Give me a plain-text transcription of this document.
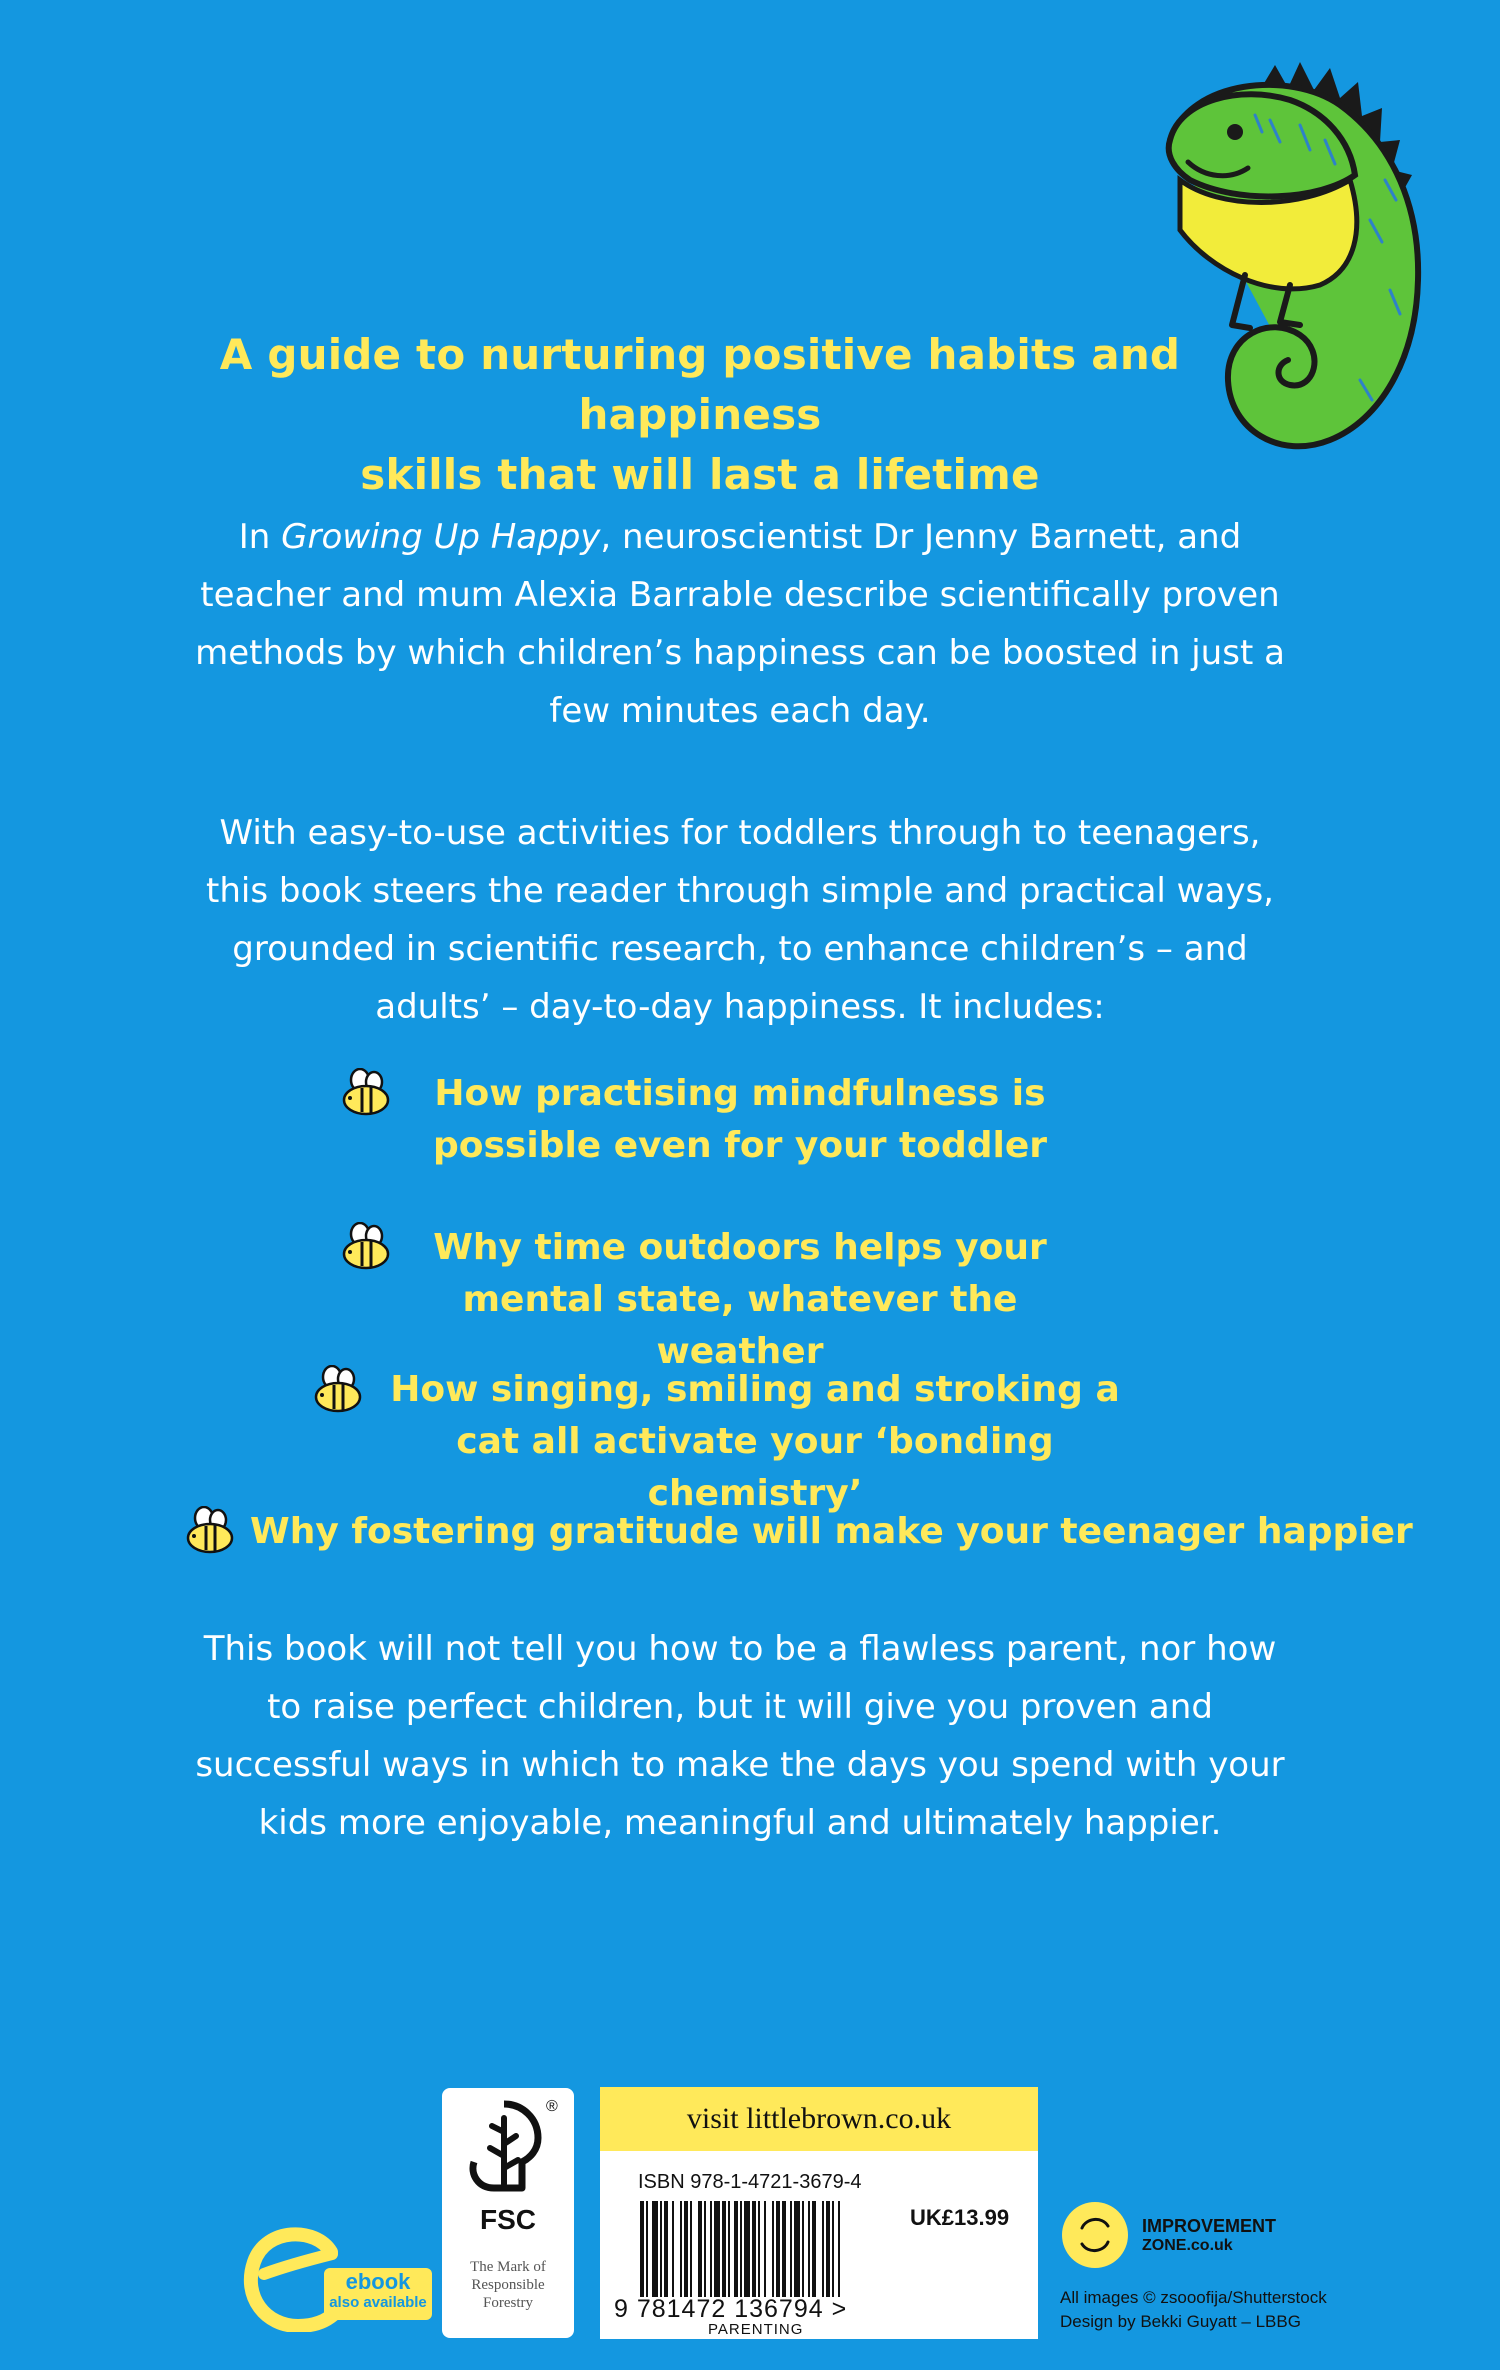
A guide to nurturing positive habits and happiness
skills that will last a lifetime
In Growing Up Happy, neuroscientist Dr Jenny Barnett, and teacher and mum Alexia Barrable describe scientifically proven methods by which children’s happiness can be boosted in just a few minutes each day.
With easy-to-use activities for toddlers through to teenagers, this book steers the reader through simple and practical ways, grounded in scientific research, to enhance children’s – and adults’ – day-to-day happiness. It includes:
How practising mindfulness is possible even for your toddler
Why time outdoors helps your mental state, whatever the weather
How singing, smiling and stroking a cat all activate your ‘bonding chemistry’
Why fostering gratitude will make your teenager happier
This book will not tell you how to be a flawless parent, nor how to raise perfect children, but it will give you proven and successful ways in which to make the days you spend with your kids more enjoyable, meaningful and ultimately happier.
ebook
also available
®
FSC
The Mark of Responsible Forestry
visit littlebrown.co.uk
ISBN 978-1-4721-3679-4
UK£13.99
9 781472 136794 >
PARENTING
IMPROVEMENT
ZONE.co.uk
All images © zsooofija/Shutterstock
Design by Bekki Guyatt – LBBG
